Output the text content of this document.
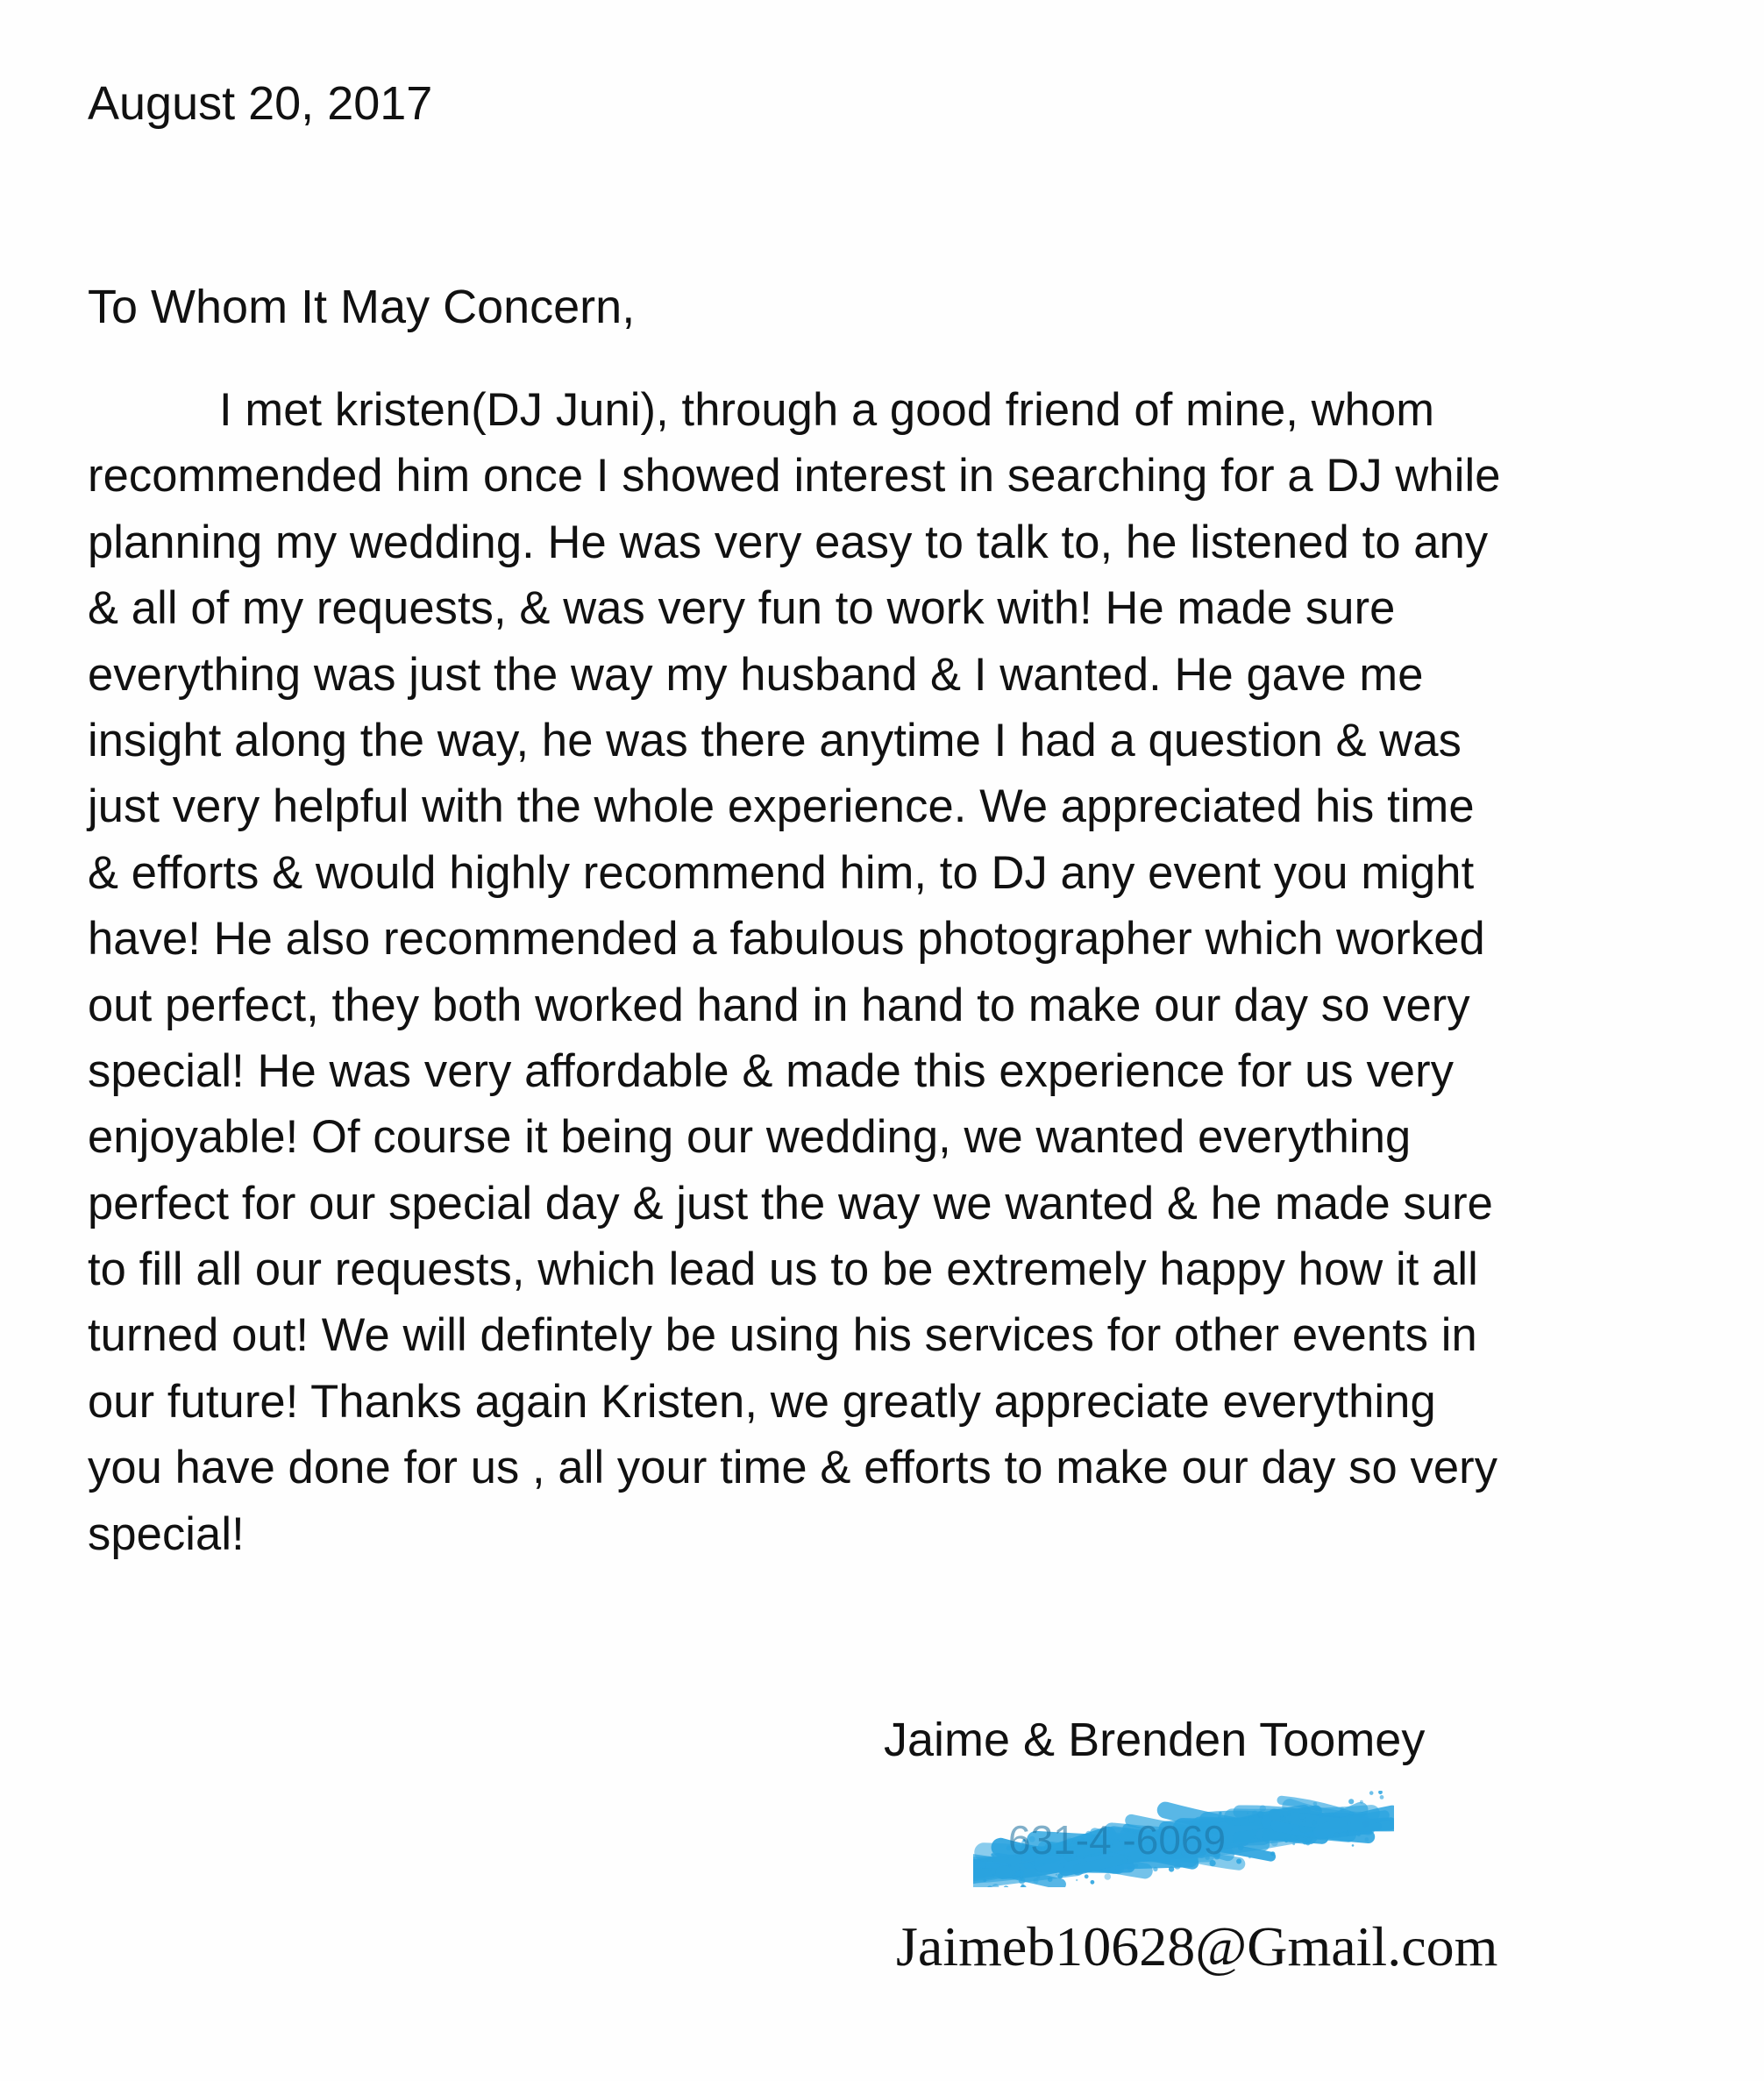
August 20, 2017
To Whom It May Concern,
I met kristen(DJ Juni), through a good friend of mine, whom
recommended him once I showed interest in searching for a DJ while
planning my wedding. He was very easy to talk to, he listened to any
& all of my requests, & was very fun to work with! He made sure
everything was just the way my husband & I wanted. He gave me
insight along the way, he was there anytime I had a question & was
just very helpful with the whole experience. We appreciated his time
& efforts & would highly recommend him, to DJ any event you might
have! He also recommended a fabulous photographer which worked
out perfect, they both worked hand in hand to make our day so very
special! He was very affordable & made this experience for us very
enjoyable! Of course it being our wedding, we wanted everything
perfect for our special day & just the way we wanted & he made sure
to fill all our requests, which lead us to be extremely happy how it all
turned out! We will defintely be using his services for other events in
our future! Thanks again Kristen, we greatly appreciate everything
you have done for us , all your time & efforts to make our day so very
special!
Jaime & Brenden Toomey
631-4 -6069
Jaimeb10628@Gmail.com
